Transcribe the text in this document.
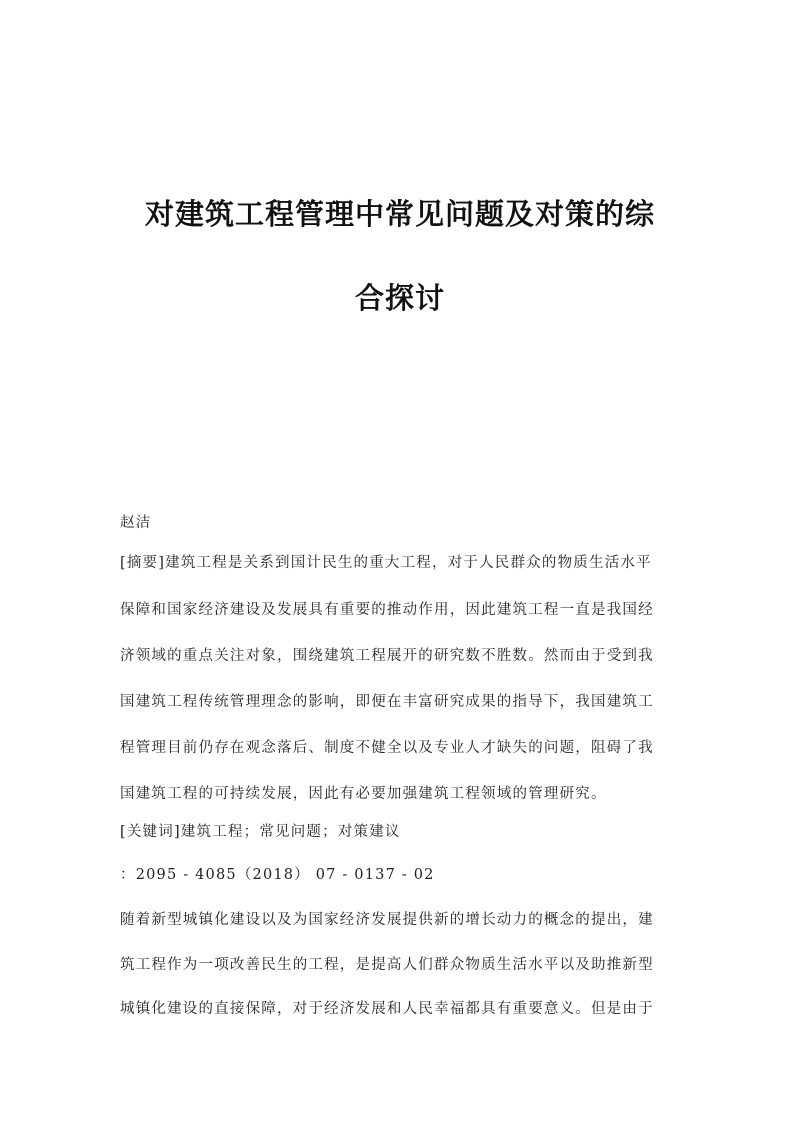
对建筑工程管理中常见问题及对策的综
合探讨

赵洁

[摘要]建筑工程是关系到国计民生的重大工程，对于人民群众的物质生活水平

保障和国家经济建设及发展具有重要的推动作用，因此建筑工程一直是我国经

济领域的重点关注对象，围绕建筑工程展开的研究数不胜数。然而由于受到我

国建筑工程传统管理理念的影响，即便在丰富研究成果的指导下，我国建筑工

程管理目前仍存在观念落后、制度不健全以及专业人才缺失的问题，阻碍了我

国建筑工程的可持续发展，因此有必要加强建筑工程领域的管理研究。

[关键词]建筑工程；常见问题；对策建议

：2095 - 4085（2018） 07 - 0137 - 02

随着新型城镇化建设以及为国家经济发展提供新的增长动力的概念的提出，建

筑工程作为一项改善民生的工程，是提高人们群众物质生活水平以及助推新型

城镇化建设的直接保障，对于经济发展和人民幸福都具有重要意义。但是由于
